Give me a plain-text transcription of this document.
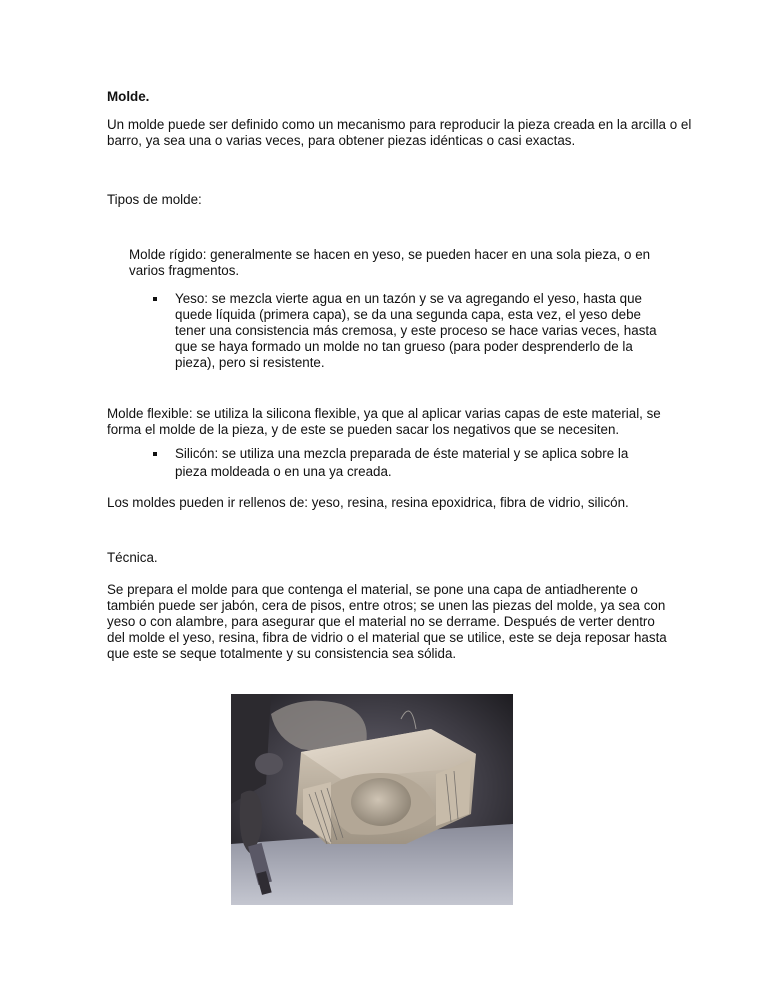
Molde.

Un molde puede ser definido como un mecanismo para reproducir la pieza creada en la arcilla o el barro, ya sea una o varias veces, para obtener piezas idénticas o casi exactas.

Tipos de molde:

Molde rígido: generalmente se hacen en yeso, se pueden hacer en una sola pieza, o en varios fragmentos.

Yeso: se mezcla vierte agua en un tazón y se va agregando el yeso, hasta que quede líquida (primera capa), se da una segunda capa, esta vez, el yeso debe tener una consistencia más cremosa, y este proceso se hace varias veces, hasta que se haya formado un molde no tan grueso (para poder desprenderlo de la pieza), pero si resistente.

Molde flexible: se utiliza la silicona flexible, ya que al aplicar varias capas de este material, se forma el molde de la pieza, y de este se pueden sacar los negativos que se necesiten.

Silicón: se utiliza una mezcla preparada de éste material y se aplica sobre la pieza moldeada o en una ya creada.

Los moldes pueden ir rellenos de: yeso, resina, resina epoxidrica, fibra de vidrio, silicón.

Técnica.

Se prepara el molde para que contenga el material, se pone una capa de antiadherente o también puede ser jabón, cera de pisos, entre otros; se unen las piezas del molde, ya sea con yeso o con alambre, para asegurar que el material no se derrame. Después de verter dentro del molde el yeso, resina, fibra de vidrio o el material que se utilice, este se deja reposar hasta que este se seque totalmente y su consistencia sea sólida.
